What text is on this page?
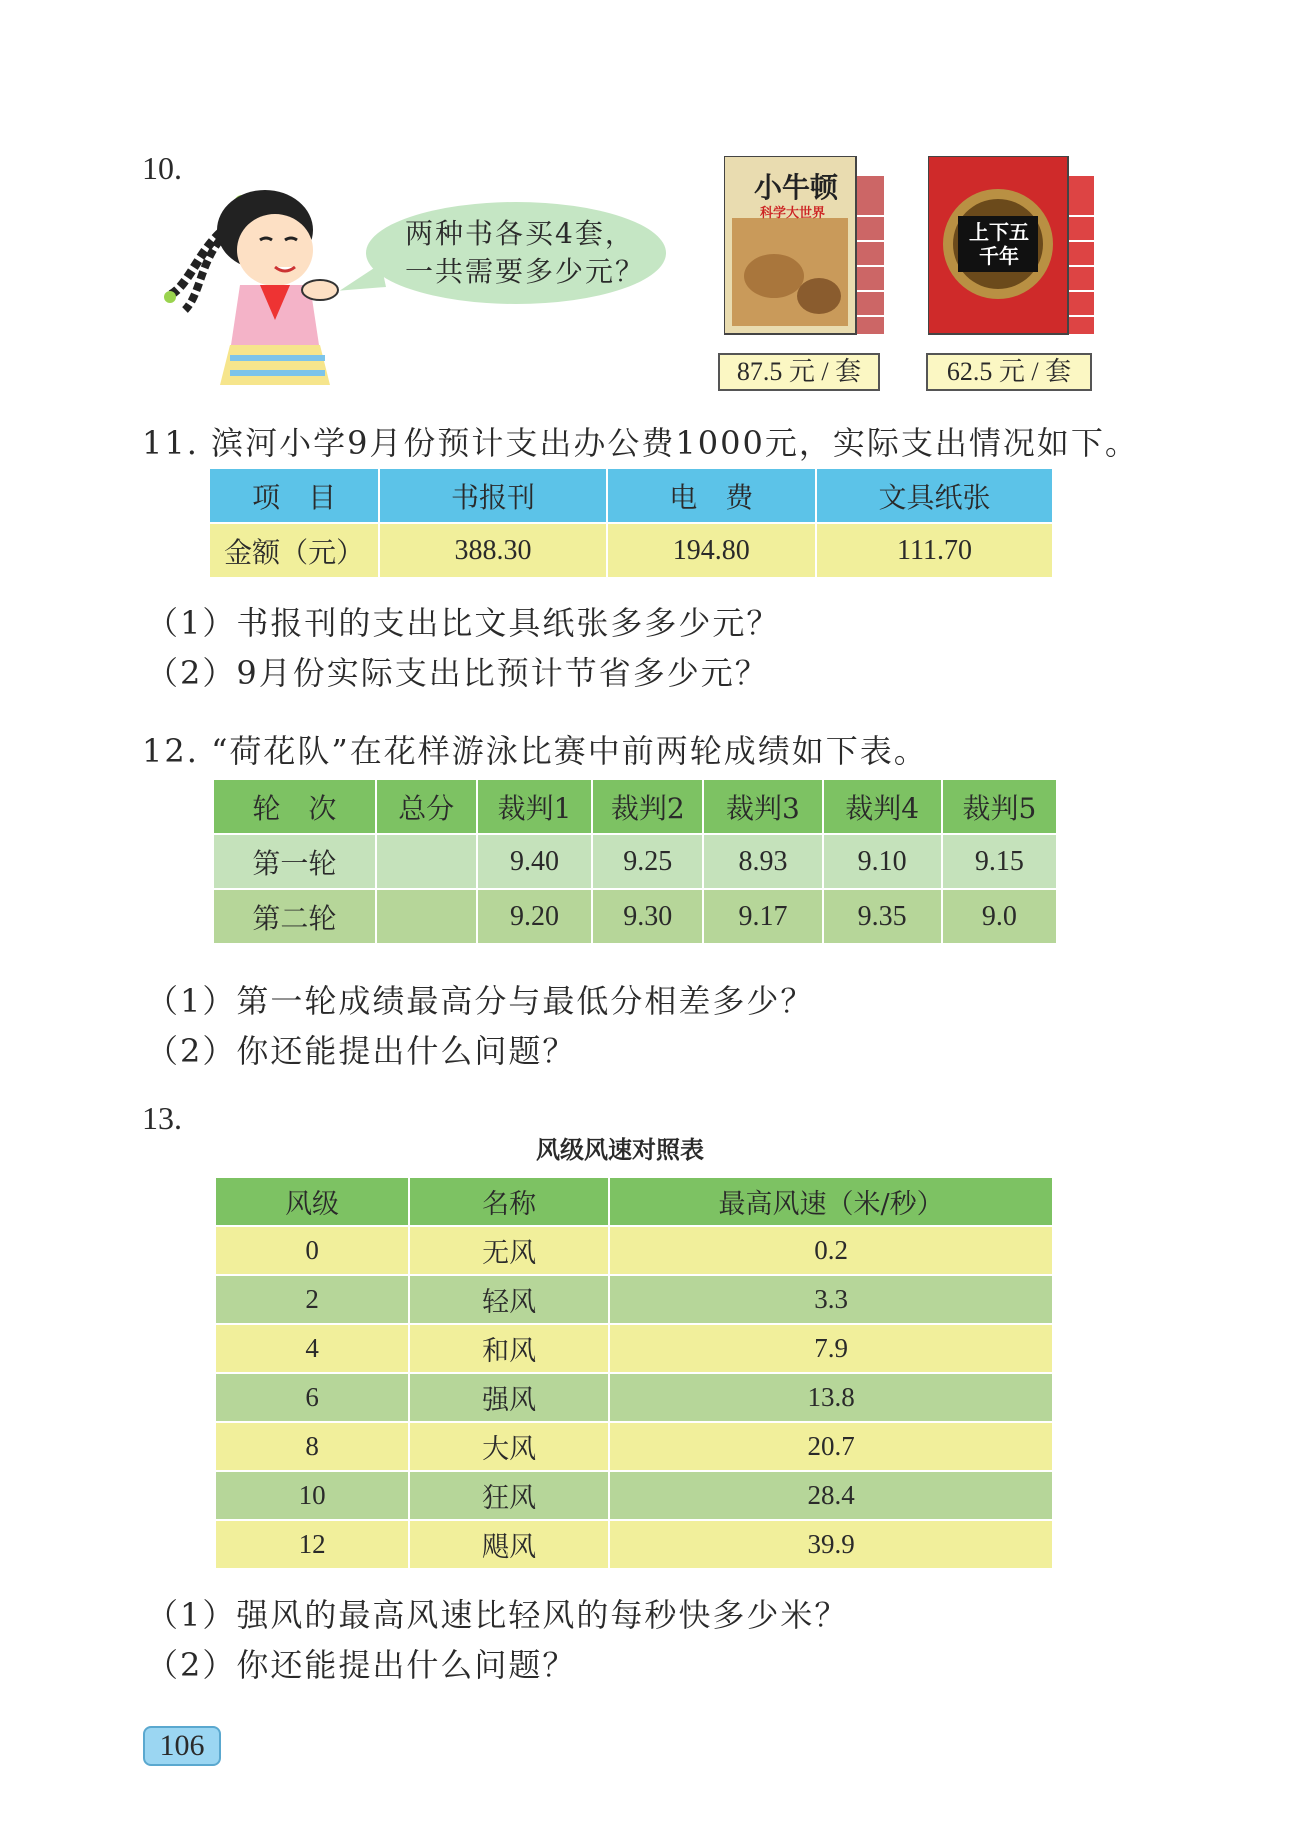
10.
两种书各买4套，
一共需要多少元？
小牛顿
科学大世界
87.5 元 / 套
上下五千年
62.5 元 / 套
11. 滨河小学9月份预计支出办公费1000元，实际支出情况如下。
项　目	书报刊	电　费	文具纸张
金额（元）	388.30	194.80	111.70
（1）书报刊的支出比文具纸张多多少元？
（2）9月份实际支出比预计节省多少元？
12. “荷花队”在花样游泳比赛中前两轮成绩如下表。
轮　次	总分	裁判1	裁判2	裁判3	裁判4	裁判5
第一轮		9.40	9.25	8.93	9.10	9.15
第二轮		9.20	9.30	9.17	9.35	9.0
（1）第一轮成绩最高分与最低分相差多少？
（2）你还能提出什么问题？
13.
风级风速对照表
风级	名称	最高风速（米/秒）
0	无风	0.2
2	轻风	3.3
4	和风	7.9
6	强风	13.8
8	大风	20.7
10	狂风	28.4
12	飓风	39.9
（1）强风的最高风速比轻风的每秒快多少米？
（2）你还能提出什么问题？
106
